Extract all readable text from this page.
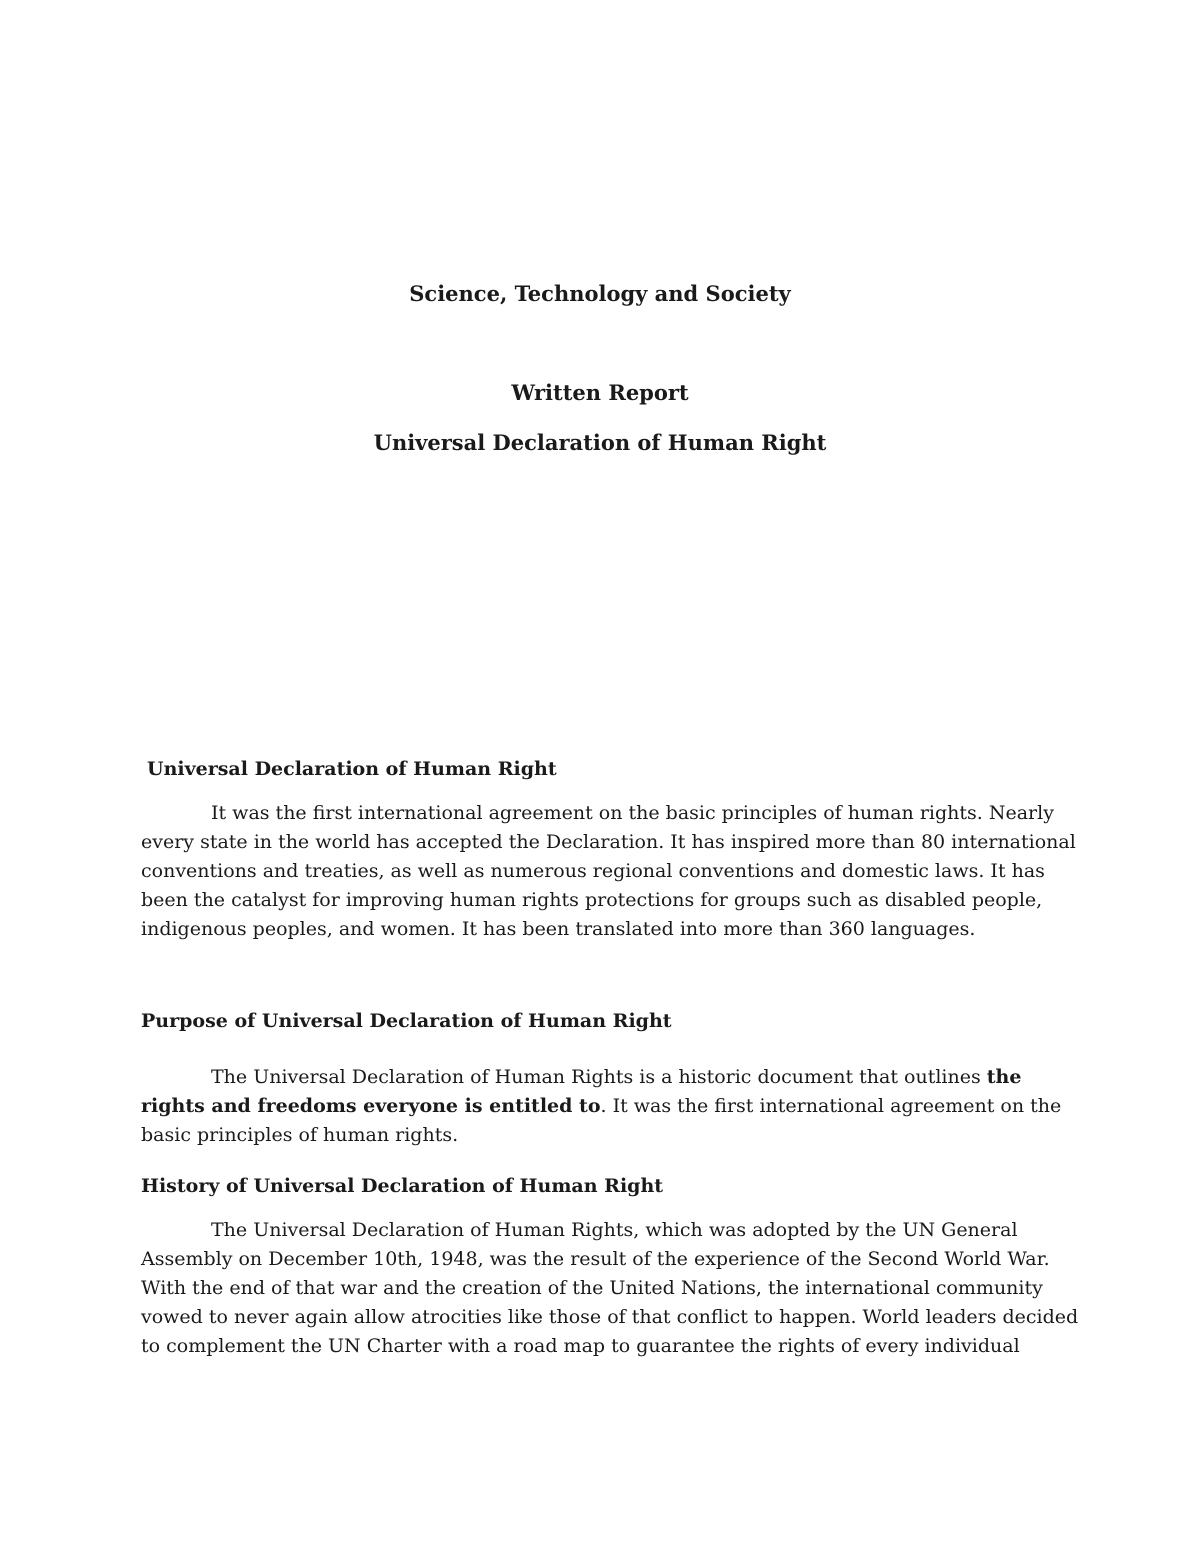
Science, Technology and Society
Written Report
Universal Declaration of Human Right
Universal Declaration of Human Right
It was the first international agreement on the basic principles of human rights. Nearly
every state in the world has accepted the Declaration. It has inspired more than 80 international
conventions and treaties, as well as numerous regional conventions and domestic laws. It has
been the catalyst for improving human rights protections for groups such as disabled people,
indigenous peoples, and women. It has been translated into more than 360 languages.
Purpose of Universal Declaration of Human Right
The Universal Declaration of Human Rights is a historic document that outlines the
rights and freedoms everyone is entitled to. It was the first international agreement on the
basic principles of human rights.
History of Universal Declaration of Human Right
The Universal Declaration of Human Rights, which was adopted by the UN General
Assembly on December 10th, 1948, was the result of the experience of the Second World War.
With the end of that war and the creation of the United Nations, the international community
vowed to never again allow atrocities like those of that conflict to happen. World leaders decided
to complement the UN Charter with a road map to guarantee the rights of every individual
